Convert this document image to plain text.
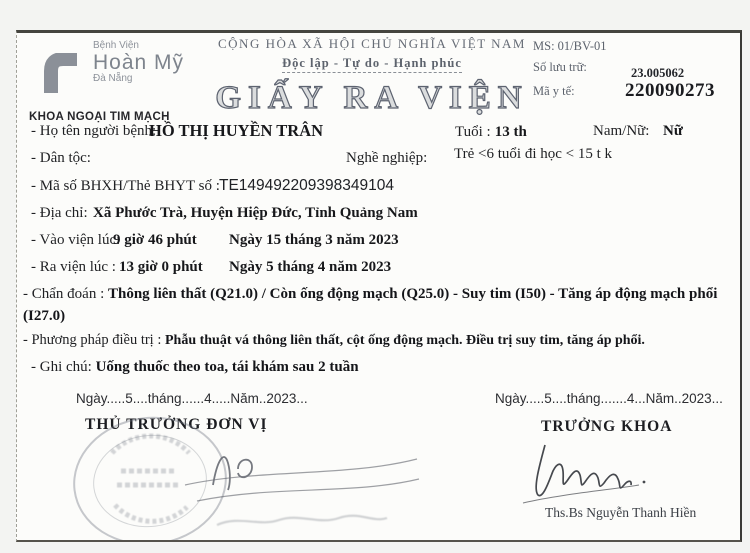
Bệnh Viện
Hoàn Mỹ
Đà Nẵng
KHOA NGOẠI TIM MẠCH
CỘNG HÒA XÃ HỘI CHỦ NGHĨA VIỆT NAM
Độc lập - Tự do - Hạnh phúc
GIẤY RA VIỆN
MS: 01/BV-01
Số lưu trữ:	23.005062
Mã y tế:	220090273
- Họ tên người bệnh:
HỒ THỊ HUYỀN TRÂN	Tuổi : 13 th	Nam/Nữ: Nữ
- Dân tộc:	Nghề nghiệp: Trẻ <6 tuổi đi học < 15 t k
- Mã số BHXH/Thẻ BHYT số : TE149492209398349104
- Địa chỉ: Xã Phước Trà, Huyện Hiệp Đức, Tỉnh Quảng Nam
- Vào viện lúc:
9 giờ 46 phút Ngày 15 tháng 3 năm 2023
- Ra viện lúc : 13 giờ 0 phút Ngày 5 tháng 4 năm 2023
- Chẩn đoán : Thông liên thất (Q21.0) / Còn ống động mạch (Q25.0) - Suy tim (I50) - Tăng áp động mạch phổi (I27.0)
- Phương pháp điều trị : Phẫu thuật vá thông liên thất, cột ống động mạch. Điều trị suy tim, tăng áp phổi.
- Ghi chú: Uống thuốc theo toa, tái khám sau 2 tuần
Ngày.....5....tháng......4.....Năm..2023...	Ngày.....5....tháng.......4...Năm..2023...
THỦ TRƯỞNG ĐƠN VỊ	TRƯỞNG KHOA
Ths.Bs Nguyễn Thanh Hiền
